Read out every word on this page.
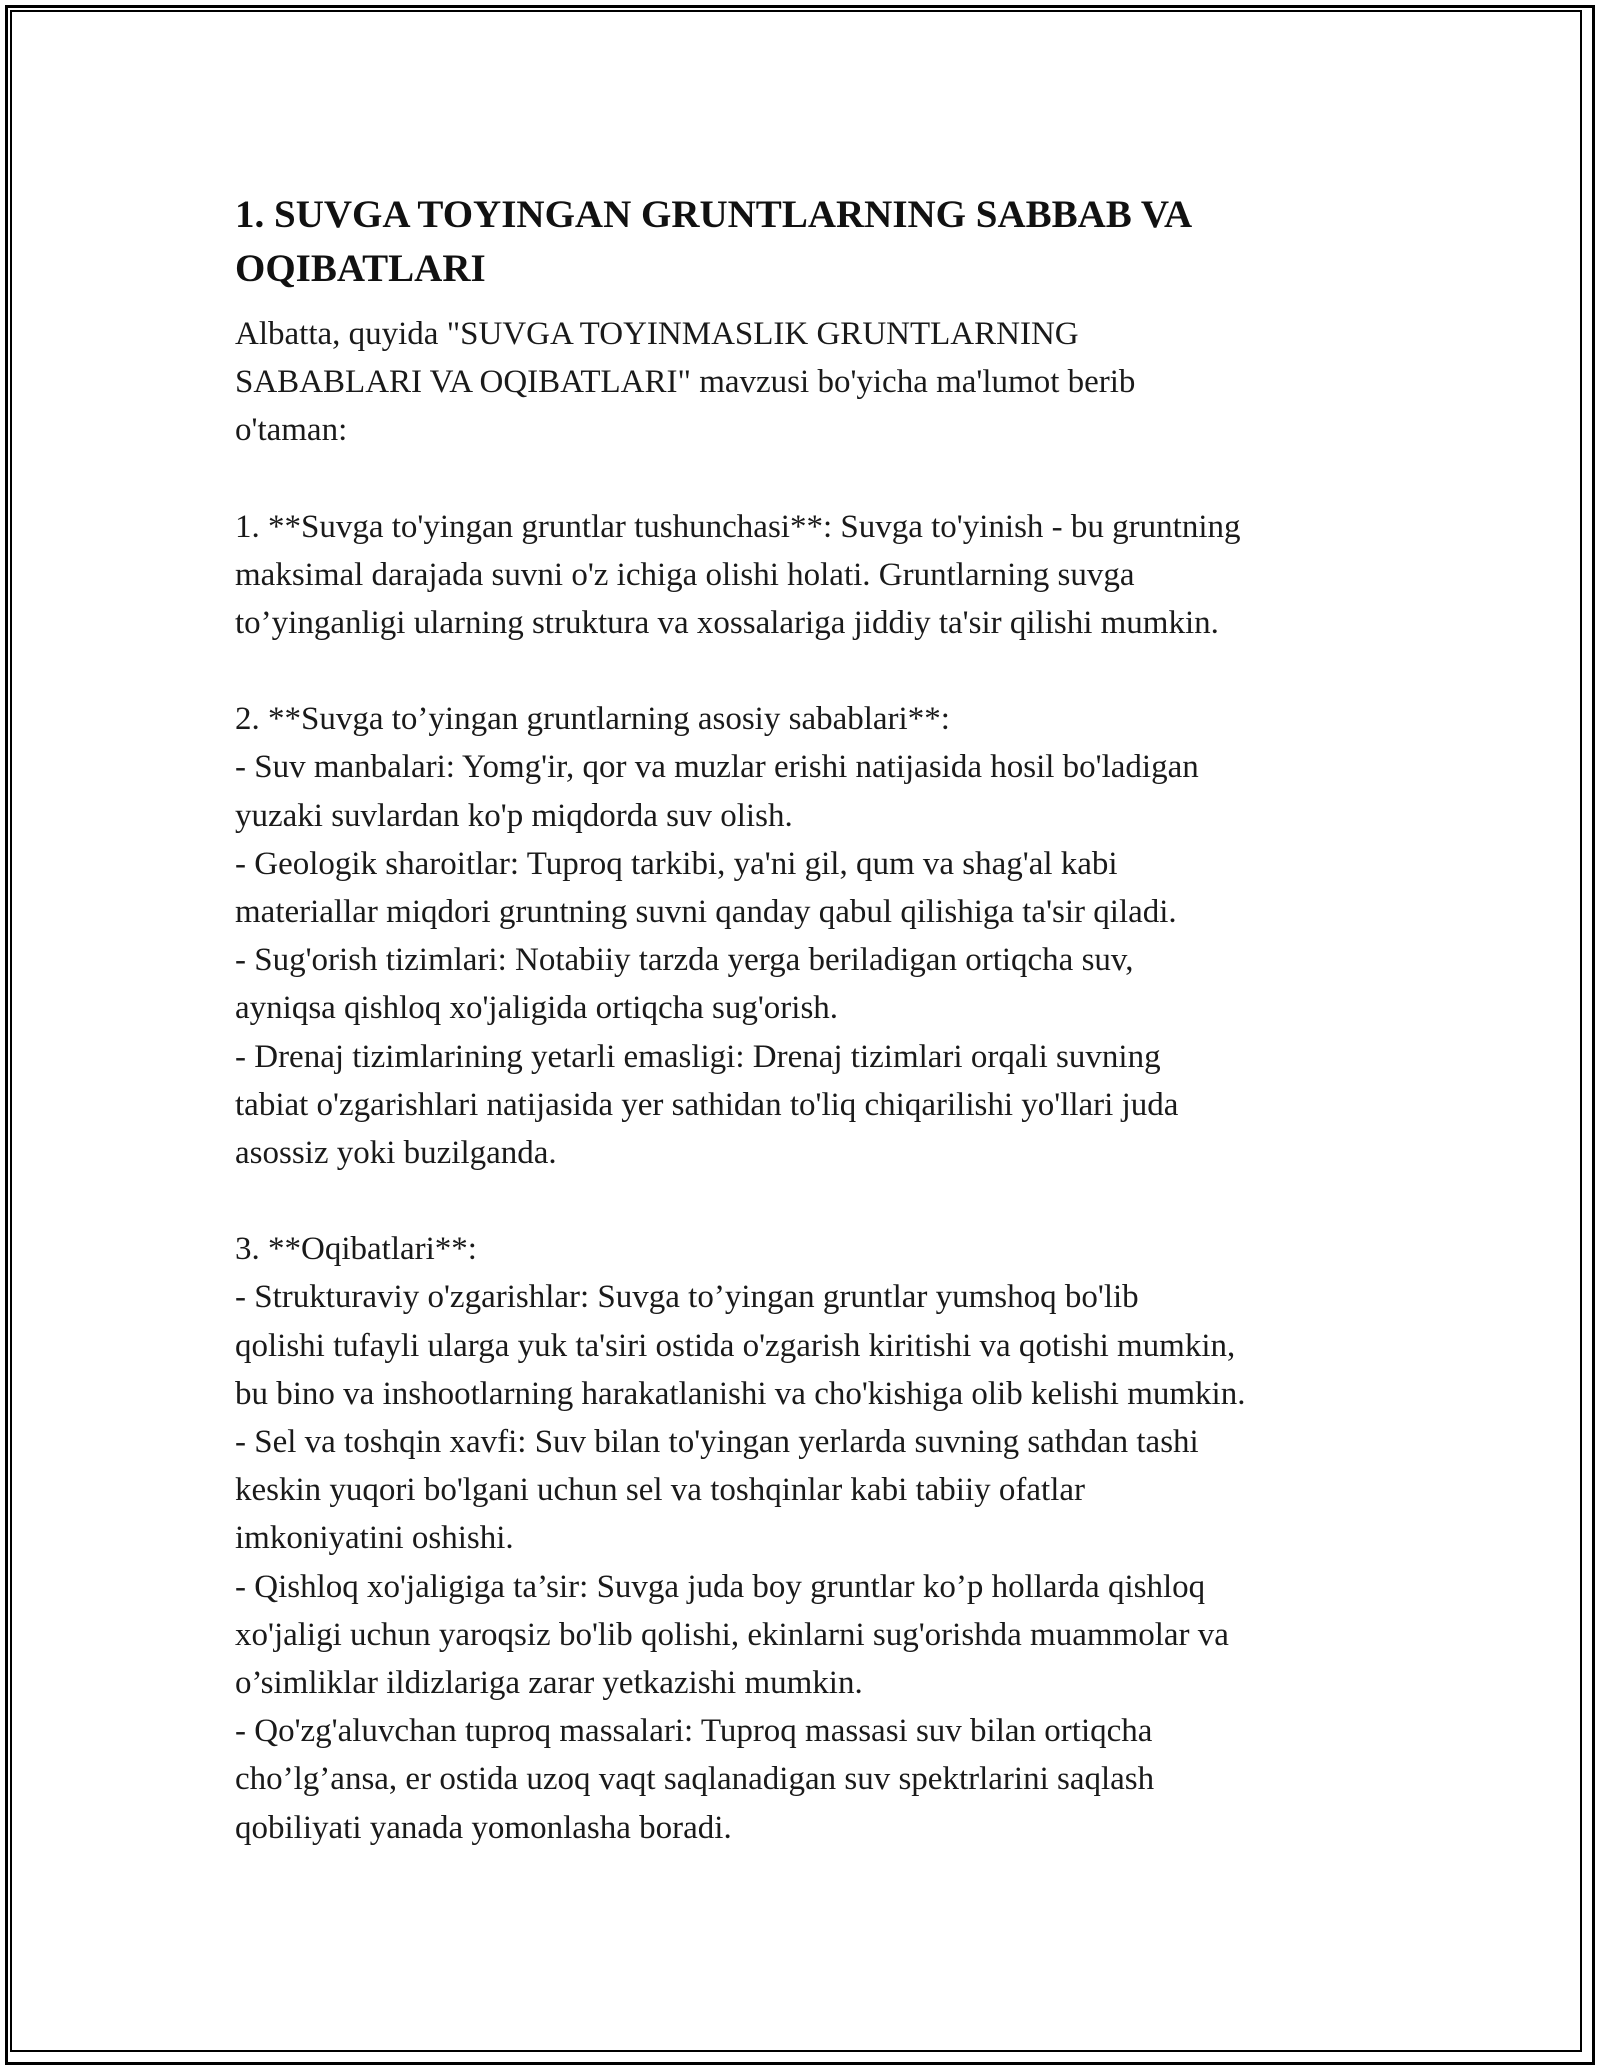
1. SUVGA TOYINGAN GRUNTLARNING SABBAB VA
OQIBATLARI

Albatta, quyida "SUVGA TOYINMASLIK GRUNTLARNING
SABABLARI VA OQIBATLARI" mavzusi bo'yicha ma'lumot berib
o'taman:

1. **Suvga to'yingan gruntlar tushunchasi**: Suvga to'yinish - bu gruntning
maksimal darajada suvni o'z ichiga olishi holati. Gruntlarning suvga
to’yinganligi ularning struktura va xossalariga jiddiy ta'sir qilishi mumkin.

2. **Suvga to’yingan gruntlarning asosiy sabablari**:
- Suv manbalari: Yomg'ir, qor va muzlar erishi natijasida hosil bo'ladigan
yuzaki suvlardan ko'p miqdorda suv olish.
- Geologik sharoitlar: Tuproq tarkibi, ya'ni gil, qum va shag'al kabi
materiallar miqdori gruntning suvni qanday qabul qilishiga ta'sir qiladi.
- Sug'orish tizimlari: Notabiiy tarzda yerga beriladigan ortiqcha suv,
ayniqsa qishloq xo'jaligida ortiqcha sug'orish.
- Drenaj tizimlarining yetarli emasligi: Drenaj tizimlari orqali suvning
tabiat o'zgarishlari natijasida yer sathidan to'liq chiqarilishi yo'llari juda
asossiz yoki buzilganda.

3. **Oqibatlari**:
- Strukturaviy o'zgarishlar: Suvga to’yingan gruntlar yumshoq bo'lib
qolishi tufayli ularga yuk ta'siri ostida o'zgarish kiritishi va qotishi mumkin,
bu bino va inshootlarning harakatlanishi va cho'kishiga olib kelishi mumkin.
- Sel va toshqin xavfi: Suv bilan to'yingan yerlarda suvning sathdan tashi
keskin yuqori bo'lgani uchun sel va toshqinlar kabi tabiiy ofatlar
imkoniyatini oshishi.
- Qishloq xo'jaligiga ta’sir: Suvga juda boy gruntlar ko’p hollarda qishloq
xo'jaligi uchun yaroqsiz bo'lib qolishi, ekinlarni sug'orishda muammolar va
o’simliklar ildizlariga zarar yetkazishi mumkin.
- Qo'zg'aluvchan tuproq massalari: Tuproq massasi suv bilan ortiqcha
cho’lg’ansa, er ostida uzoq vaqt saqlanadigan suv spektrlarini saqlash
qobiliyati yanada yomonlasha boradi.
